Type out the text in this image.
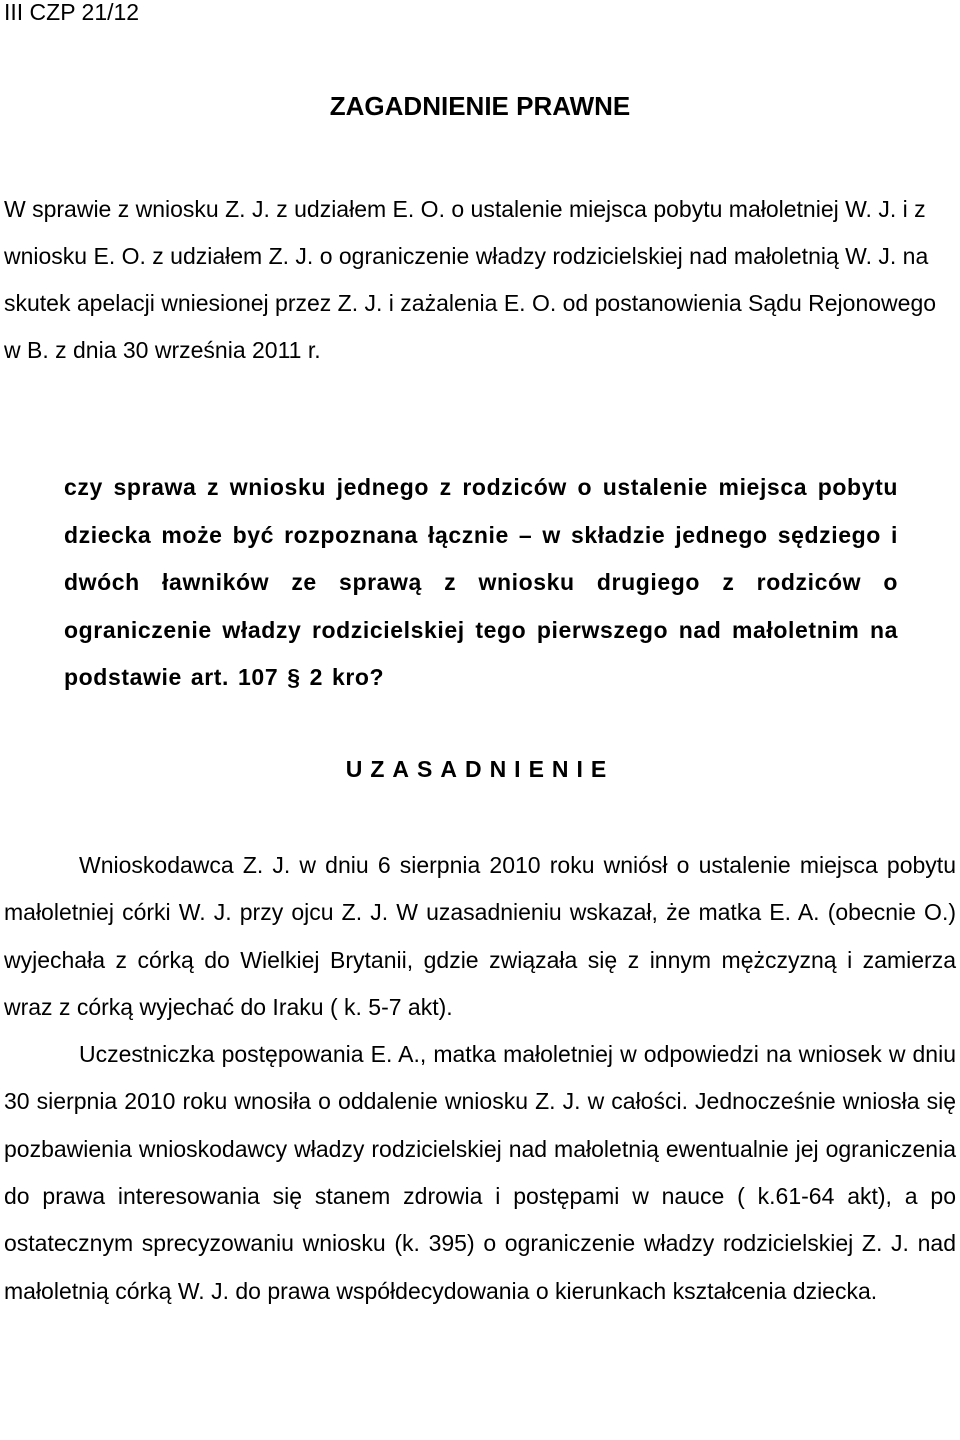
III CZP 21/12
ZAGADNIENIE PRAWNE

W sprawie z wniosku Z. J. z udziałem E. O. o ustalenie miejsca pobytu małoletniej W. J. i z wniosku E. O. z udziałem Z. J. o ograniczenie władzy rodzicielskiej nad małoletnią W. J. na skutek apelacji wniesionej przez Z. J. i zażalenia E. O. od postanowienia Sądu Rejonowego w B. z dnia 30 września 2011 r.

czy sprawa z wniosku jednego z rodziców o ustalenie miejsca pobytu dziecka może być rozpoznana łącznie – w składzie jednego sędziego i dwóch ławników ze sprawą z wniosku drugiego z rodziców o ograniczenie władzy rodzicielskiej tego pierwszego nad małoletnim na podstawie art. 107 § 2 kro?

UZASADNIENIE

Wnioskodawca Z. J. w dniu 6 sierpnia 2010 roku wniósł o ustalenie miejsca pobytu małoletniej córki W. J. przy ojcu Z. J. W uzasadnieniu wskazał, że matka E. A. (obecnie O.) wyjechała z córką do Wielkiej Brytanii, gdzie związała się z innym mężczyzną i zamierza wraz z córką wyjechać do Iraku ( k. 5-7 akt).

Uczestniczka postępowania E. A., matka małoletniej w odpowiedzi na wniosek w dniu 30 sierpnia 2010 roku wnosiła o oddalenie wniosku Z. J. w całości. Jednocześnie wniosła się pozbawienia wnioskodawcy władzy rodzicielskiej nad małoletnią ewentualnie jej ograniczenia do prawa interesowania się stanem zdrowia i postępami w nauce ( k.61-64 akt), a po ostatecznym sprecyzowaniu wniosku (k. 395) o ograniczenie władzy rodzicielskiej Z. J. nad małoletnią córką W. J. do prawa współdecydowania o kierunkach kształcenia dziecka.
